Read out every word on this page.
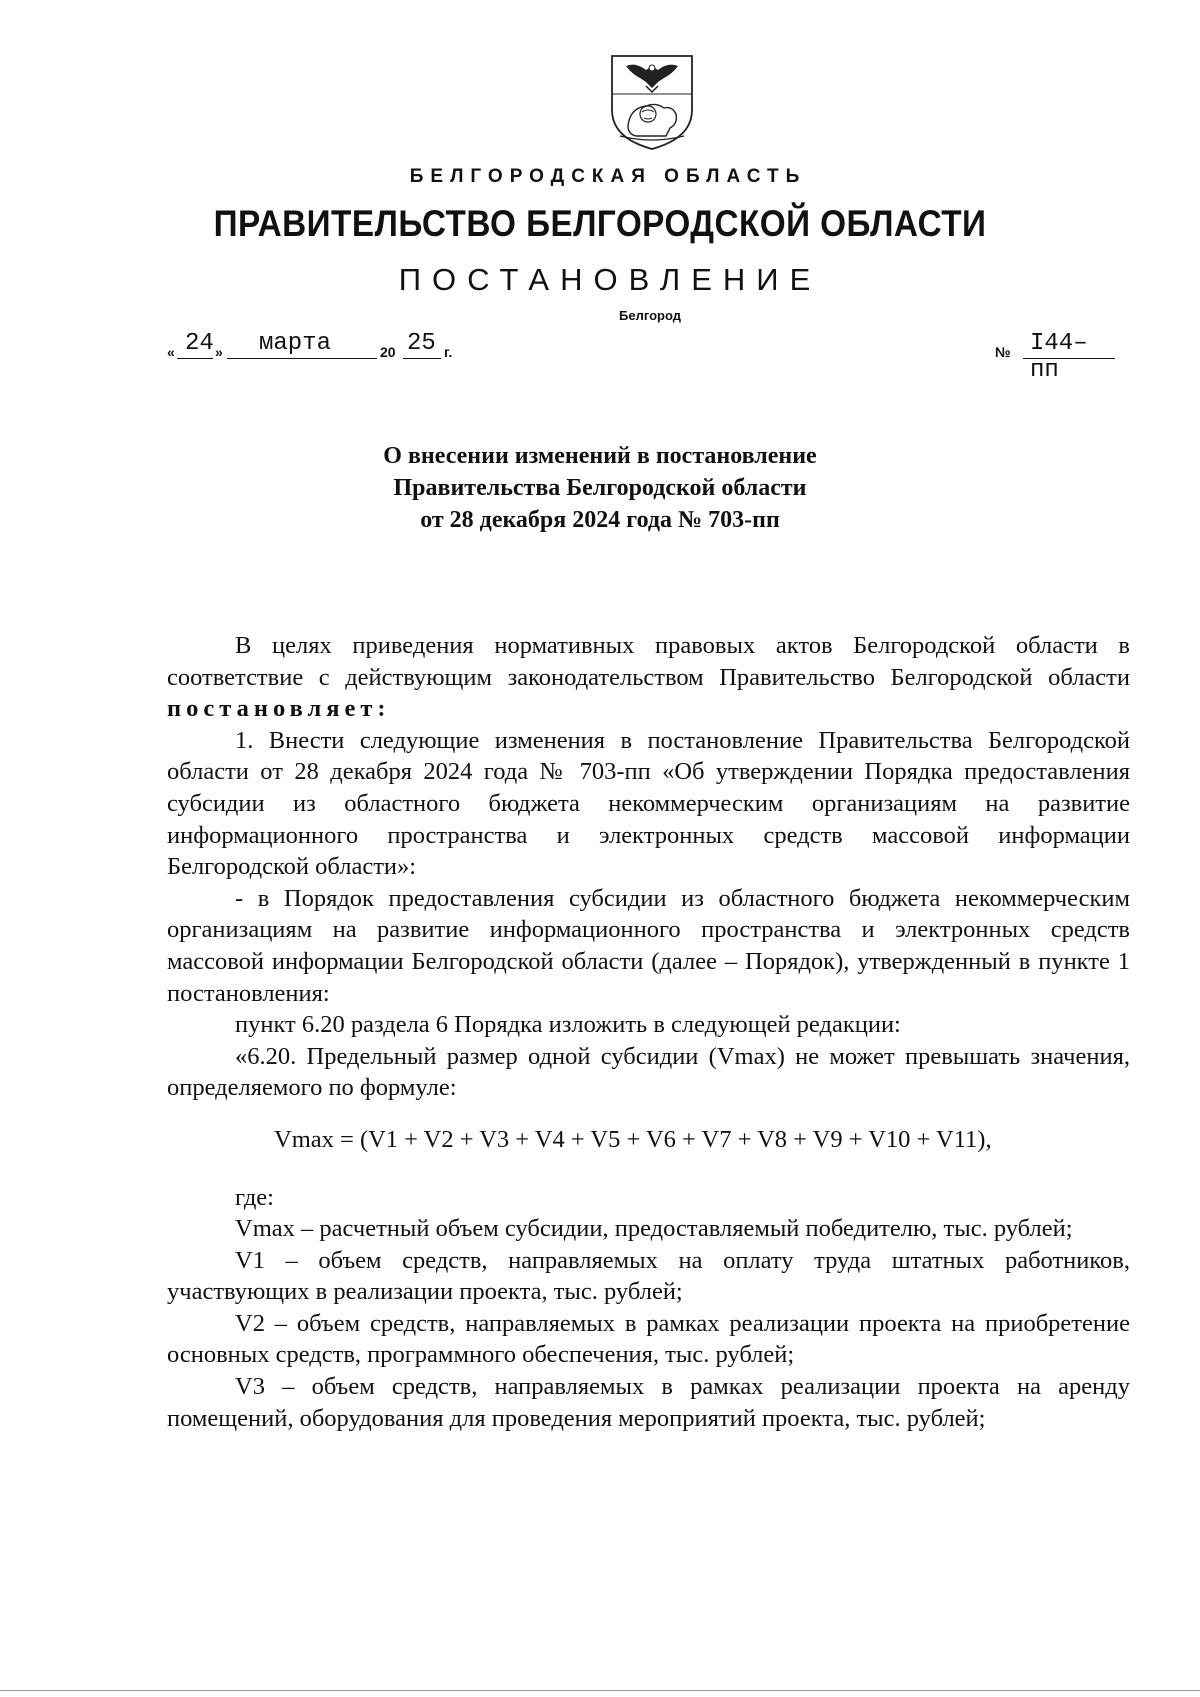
БЕЛГОРОДСКАЯ ОБЛАСТЬ
ПРАВИТЕЛЬСТВО БЕЛГОРОДСКОЙ ОБЛАСТИ
ПОСТАНОВЛЕНИЕ
Белгород
« 24 » марта	20 25 г.	№ I44–пп
О внесении изменений в постановление
Правительства Белгородской области
от 28 декабря 2024 года № 703-пп

В целях приведения нормативных правовых актов Белгородской области в соответствие с действующим законодательством Правительство Белгородской области постановляет:

1. Внести следующие изменения в постановление Правительства Белгородской области от 28 декабря 2024 года № 703-пп «Об утверждении Порядка предоставления субсидии из областного бюджета некоммерческим организациям на развитие информационного пространства и электронных средств массовой информации Белгородской области»:

- в Порядок предоставления субсидии из областного бюджета некоммерческим организациям на развитие информационного пространства и электронных средств массовой информации Белгородской области (далее – Порядок), утвержденный в пункте 1 постановления:

пункт 6.20 раздела 6 Порядка изложить в следующей редакции:

«6.20. Предельный размер одной субсидии (Vmax) не может превышать значения, определяемого по формуле:

Vmax = (V1 + V2 + V3 + V4 + V5 + V6 + V7 + V8 + V9 + V10 + V11),

где:

Vmax – расчетный объем субсидии, предоставляемый победителю, тыс. рублей;

V1 – объем средств, направляемых на оплату труда штатных работников, участвующих в реализации проекта, тыс. рублей;

V2 – объем средств, направляемых в рамках реализации проекта на приобретение основных средств, программного обеспечения, тыс. рублей;

V3 – объем средств, направляемых в рамках реализации проекта на аренду помещений, оборудования для проведения мероприятий проекта, тыс. рублей;
